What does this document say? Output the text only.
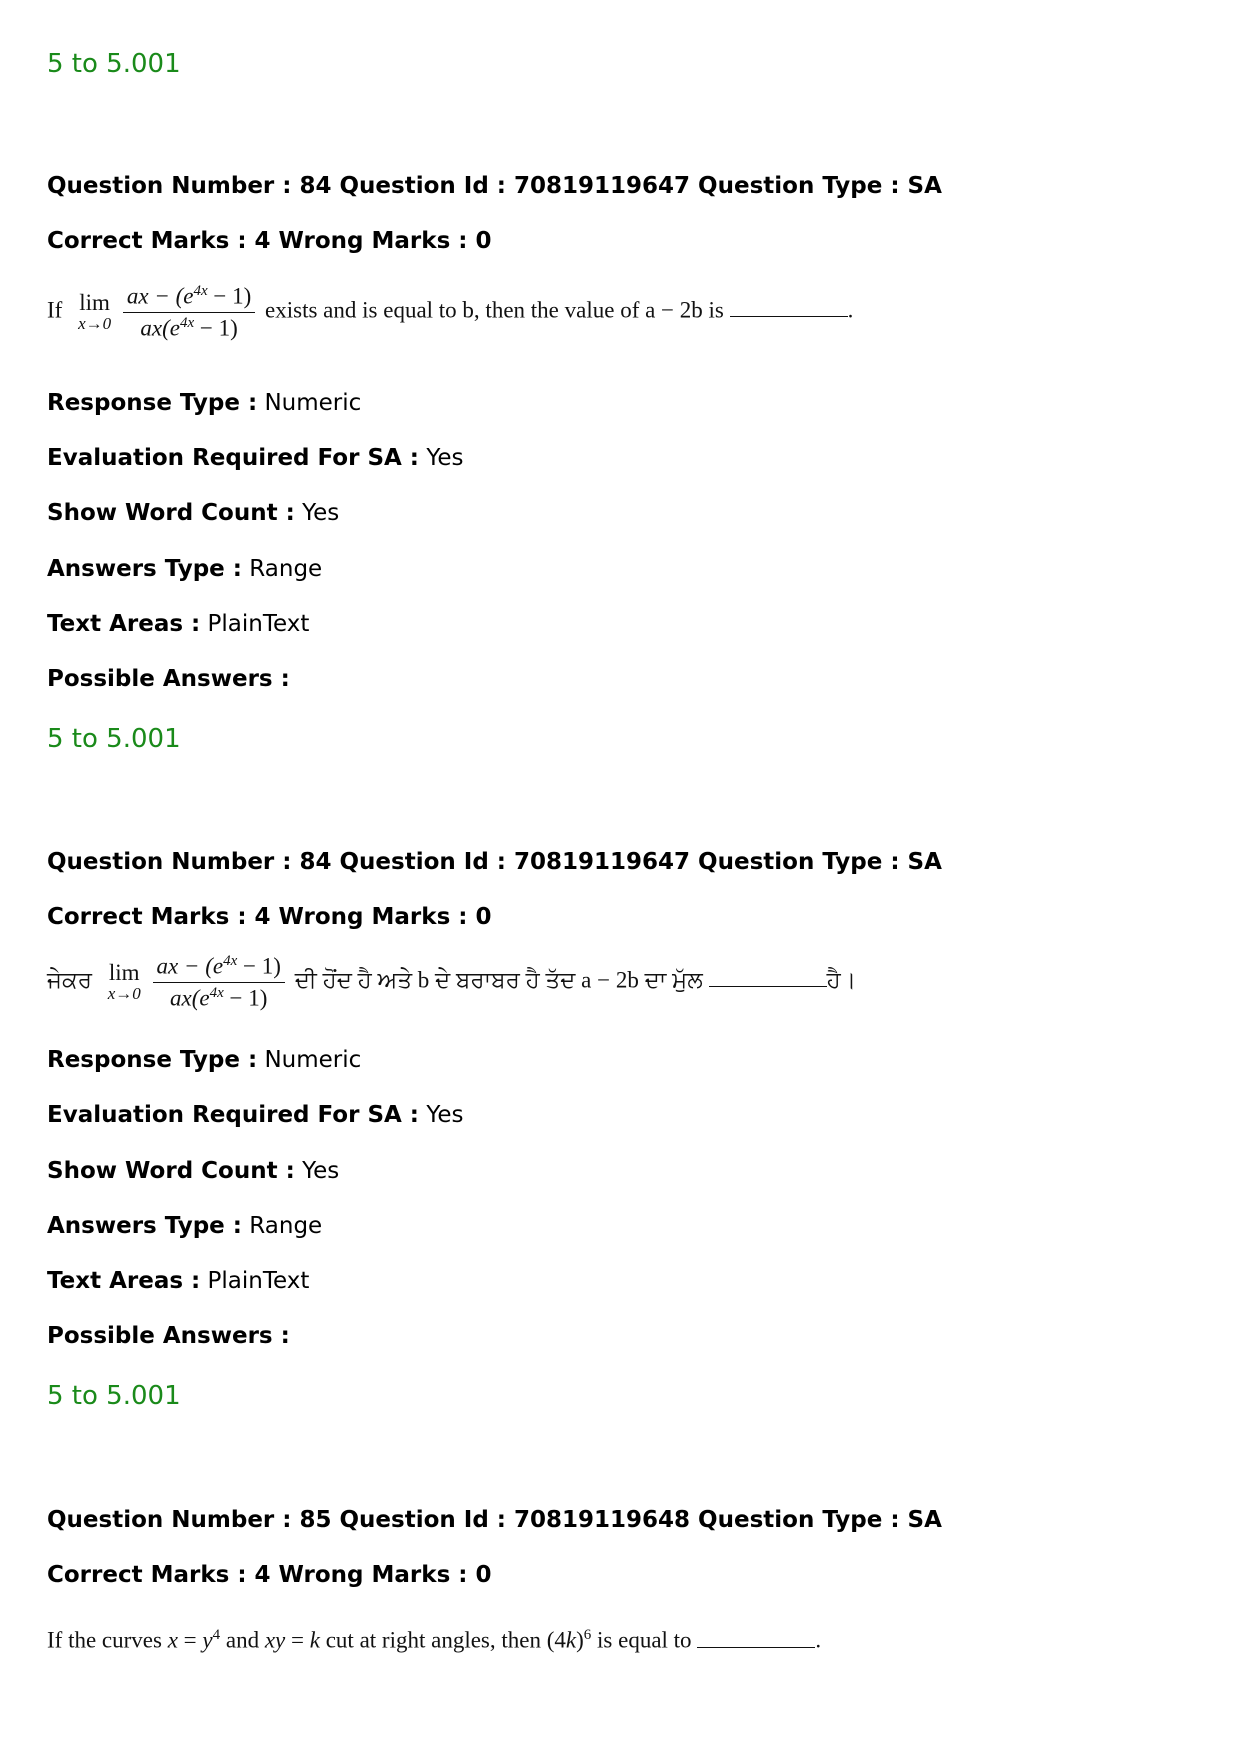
5 to 5.001
Question Number : 84 Question Id : 70819119647 Question Type : SA
Correct Marks : 4 Wrong Marks : 0
If lim
x→0
$\frac{ax - (e^{4x} - 1)}{ax(e^{4x} - 1)}$ exists and is equal to b, then the value of a − 2b is	.
Response Type : Numeric
Evaluation Required For SA : Yes
Show Word Count : Yes
Answers Type : Range
Text Areas : PlainText
Possible Answers :
5 to 5.001
Question Number : 84 Question Id : 70819119647 Question Type : SA
Correct Marks : 4 Wrong Marks : 0
ਜੇਕਰ lim
x→0
$\frac{ax - (e^{4x} - 1)}{ax(e^{4x} - 1)}$ ਦੀ ਹੋਂਦ ਹੈ ਅਤੇ b ਦੇ ਬਰਾਬਰ ਹੈ ਤੱਦ a − 2b ਦਾ ਮੁੱਲ	ਹੈ।
Response Type : Numeric
Evaluation Required For SA : Yes
Show Word Count : Yes
Answers Type : Range
Text Areas : PlainText
Possible Answers :
5 to 5.001
Question Number : 85 Question Id : 70819119648 Question Type : SA
Correct Marks : 4 Wrong Marks : 0
If the curves $x = y^4$ and xy = k cut at right angles, then $(4k)^6$ is equal to	.
